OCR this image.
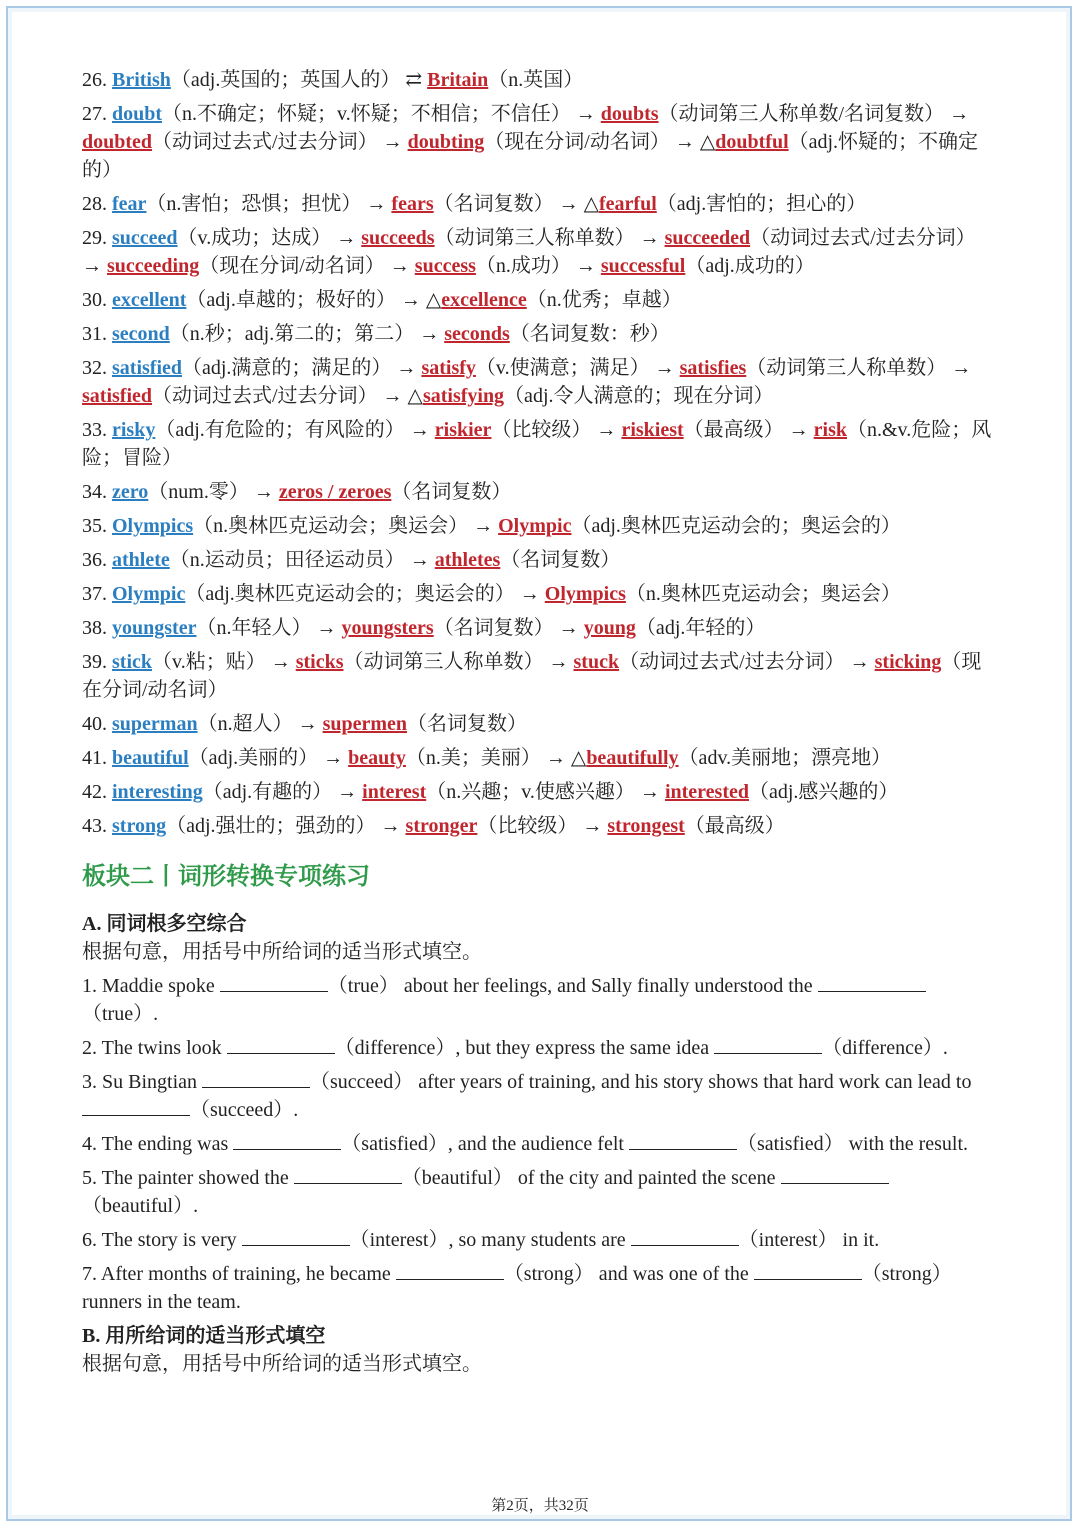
26. British（adj.英国的；英国人的） ⇄ Britain（n.英国）
27. doubt（n.不确定；怀疑；v.怀疑；不相信；不信任） → doubts（动词第三人称单数/名词复数） → doubted（动词过去式/过去分词） → doubting（现在分词/动名词） → △doubtful（adj.怀疑的；不确定的）
28. fear（n.害怕；恐惧；担忧） → fears（名词复数） → △fearful（adj.害怕的；担心的）
29. succeed（v.成功；达成） → succeeds（动词第三人称单数） → succeeded（动词过去式/过去分词） → succeeding（现在分词/动名词） → success（n.成功） → successful（adj.成功的）
30. excellent（adj.卓越的；极好的） → △excellence（n.优秀；卓越）
31. second（n.秒；adj.第二的；第二） → seconds（名词复数：秒）
32. satisfied（adj.满意的；满足的） → satisfy（v.使满意；满足） → satisfies（动词第三人称单数） → satisfied（动词过去式/过去分词） → △satisfying（adj.令人满意的；现在分词）
33. risky（adj.有危险的；有风险的） → riskier（比较级） → riskiest（最高级） → risk（n.&v.危险；风险；冒险）
34. zero（num.零） → zeros / zeroes（名词复数）
35. Olympics（n.奥林匹克运动会；奥运会） → Olympic（adj.奥林匹克运动会的；奥运会的）
36. athlete（n.运动员；田径运动员） → athletes（名词复数）
37. Olympic（adj.奥林匹克运动会的；奥运会的） → Olympics（n.奥林匹克运动会；奥运会）
38. youngster（n.年轻人） → youngsters（名词复数） → young（adj.年轻的）
39. stick（v.粘；贴） → sticks（动词第三人称单数） → stuck（动词过去式/过去分词） → sticking（现在分词/动名词）
40. superman（n.超人） → supermen（名词复数）
41. beautiful（adj.美丽的） → beauty（n.美；美丽） → △beautifully（adv.美丽地；漂亮地）
42. interesting（adj.有趣的） → interest（n.兴趣；v.使感兴趣） → interested（adj.感兴趣的）
43. strong（adj.强壮的；强劲的） → stronger（比较级） → strongest（最高级）
板块二丨词形转换专项练习
A. 同词根多空综合
根据句意，用括号中所给词的适当形式填空。
1. Maddie spoke	（true） about her feelings, and Sally finally understood the （true）.
2. The twins look	（difference）, but they express the same idea	（difference）.
3. Su Bingtian	（succeed） after years of training, and his story shows that hard work can lead to （succeed）.
4. The ending was	（satisfied）, and the audience felt	（satisfied） with the result.
5. The painter showed the	（beautiful） of the city and painted the scene （beautiful）.
6. The story is very	（interest）, so many students are	（interest） in it.
7. After months of training, he became	（strong） and was one of the	（strong） runners in the team.
B. 用所给词的适当形式填空
根据句意，用括号中所给词的适当形式填空。
第2页，共32页
